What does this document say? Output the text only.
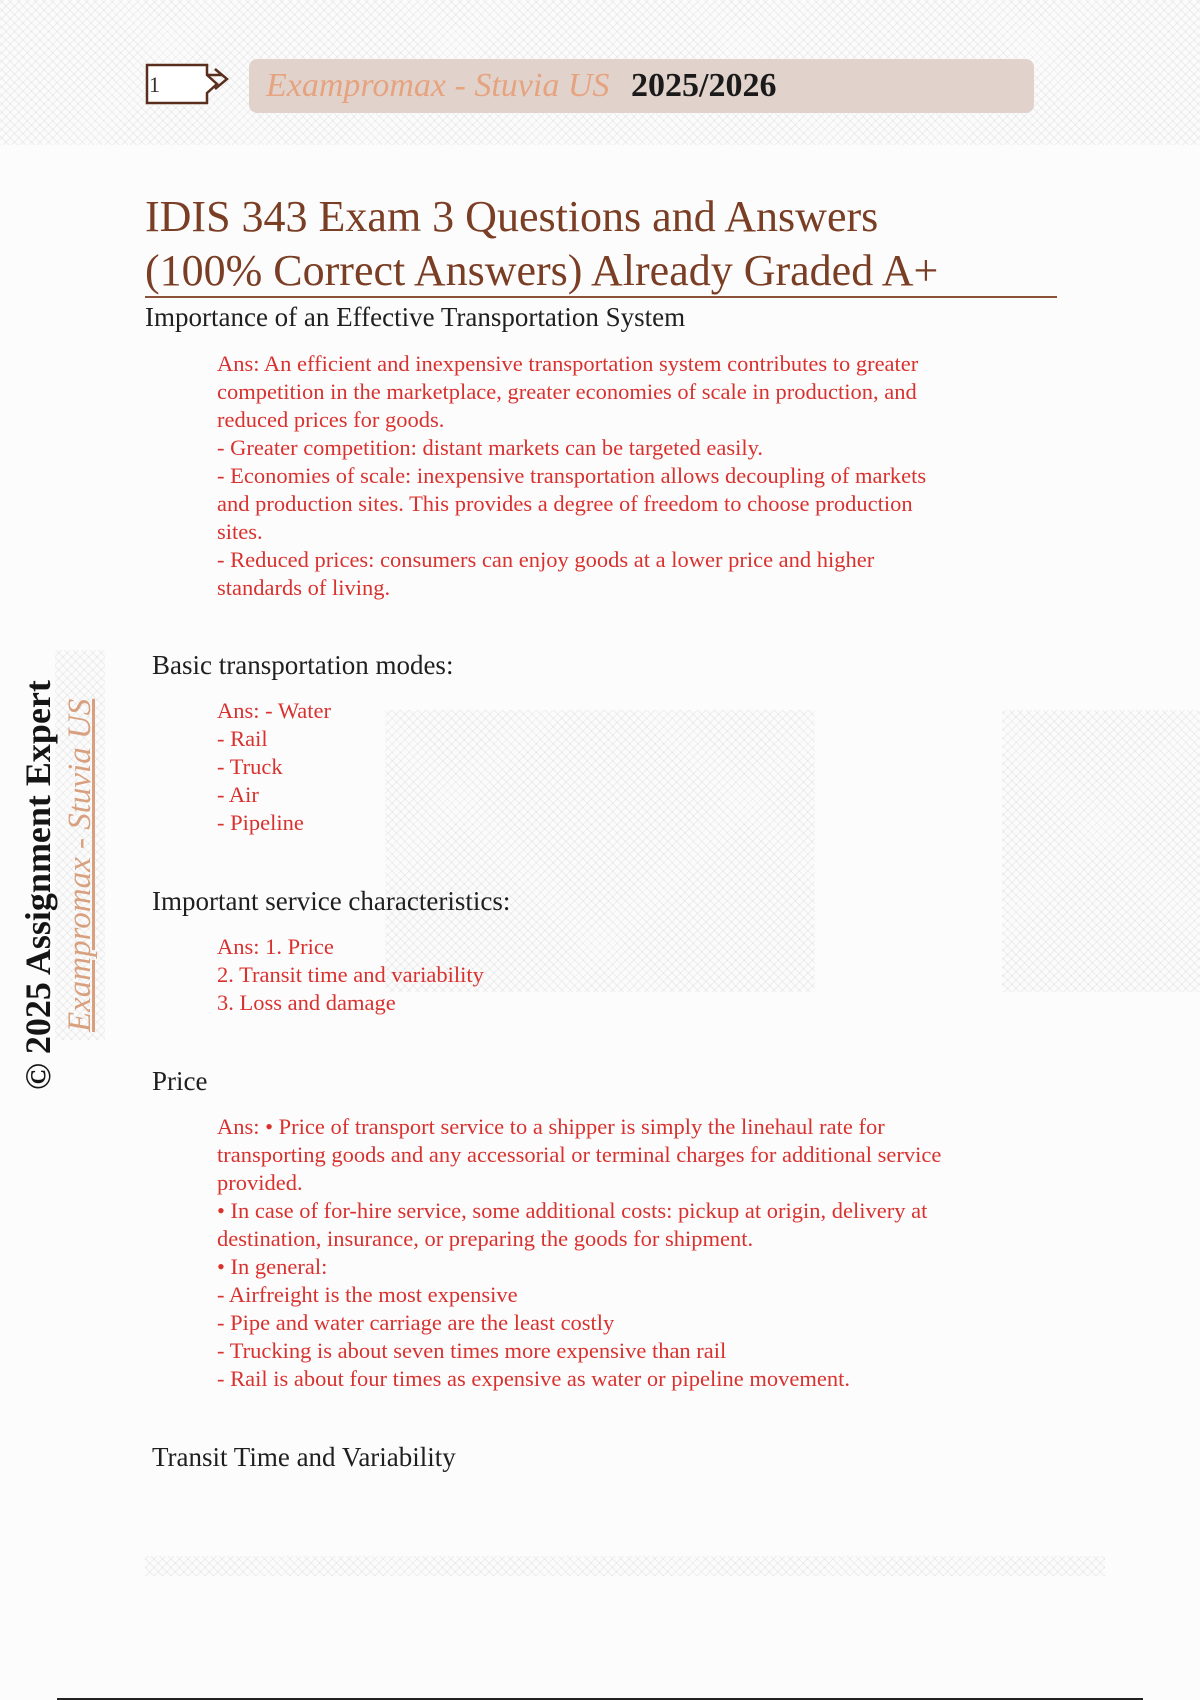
1	Exampromax - Stuvia US 2025/2026
IDIS 343 Exam 3 Questions and Answers
(100% Correct Answers) Already Graded A+
Importance of an Effective Transportation System
Ans: An efficient and inexpensive transportation system contributes to greater
competition in the marketplace, greater economies of scale in production, and
reduced prices for goods.
- Greater competition: distant markets can be targeted easily.
- Economies of scale: inexpensive transportation allows decoupling of markets
and production sites. This provides a degree of freedom to choose production
sites.
- Reduced prices: consumers can enjoy goods at a lower price and higher
standards of living.
Basic transportation modes:
Ans: - Water
- Rail
- Truck
- Air
- Pipeline
Important service characteristics:
Ans: 1. Price
2. Transit time and variability
3. Loss and damage
Price
Ans: • Price of transport service to a shipper is simply the linehaul rate for
transporting goods and any accessorial or terminal charges for additional service
provided.
• In case of for-hire service, some additional costs: pickup at origin, delivery at
destination, insurance, or preparing the goods for shipment.
• In general:
- Airfreight is the most expensive
- Pipe and water carriage are the least costly
- Trucking is about seven times more expensive than rail
- Rail is about four times as expensive as water or pipeline movement.
Transit Time and Variability
© 2025 Assignment Expert Exampromax - Stuvia US
